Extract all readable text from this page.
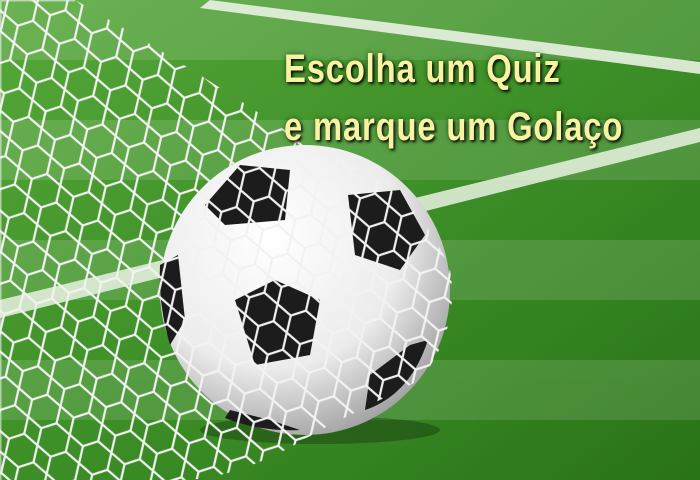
Escolha um Quiz
e marque um Golaço
